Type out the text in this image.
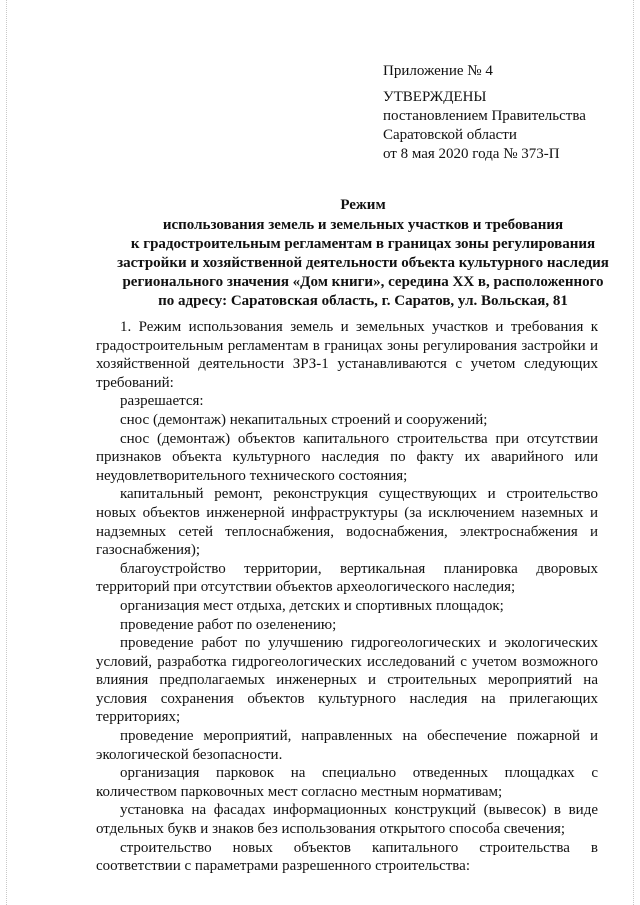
Приложение № 4
УТВЕРЖДЕНЫ
постановлением Правительства
Саратовской области
от 8 мая 2020 года № 373-П
Режим
использования земель и земельных участков и требования
к градостроительным регламентам в границах зоны регулирования
застройки и хозяйственной деятельности объекта культурного наследия
регионального значения «Дом книги», середина XX в, расположенного
по адресу: Саратовская область, г. Саратов, ул. Вольская, 81

1. Режим использования земель и земельных участков и требования к градостроительным регламентам в границах зоны регулирования застройки и хозяйственной деятельности ЗРЗ-1 устанавливаются с учетом следующих требований:

разрешается:

снос (демонтаж) некапитальных строений и сооружений;

снос (демонтаж) объектов капитального строительства при отсутствии признаков объекта культурного наследия по факту их аварийного или неудовлетворительного технического состояния;

капитальный ремонт, реконструкция существующих и строительство новых объектов инженерной инфраструктуры (за исключением наземных и надземных сетей теплоснабжения, водоснабжения, электроснабжения и газоснабжения);

благоустройство территории, вертикальная планировка дворовых территорий при отсутствии объектов археологического наследия;

организация мест отдыха, детских и спортивных площадок;

проведение работ по озеленению;

проведение работ по улучшению гидрогеологических и экологических условий, разработка гидрогеологических исследований с учетом возможного влияния предполагаемых инженерных и строительных мероприятий на условия сохранения объектов культурного наследия на прилегающих территориях;

проведение мероприятий, направленных на обеспечение пожарной и экологической безопасности.

организация парковок на специально отведенных площадках с количеством парковочных мест согласно местным нормативам;

установка на фасадах информационных конструкций (вывесок) в виде отдельных букв и знаков без использования открытого способа свечения;

строительство новых объектов капитального строительства в соответствии с параметрами разрешенного строительства:
